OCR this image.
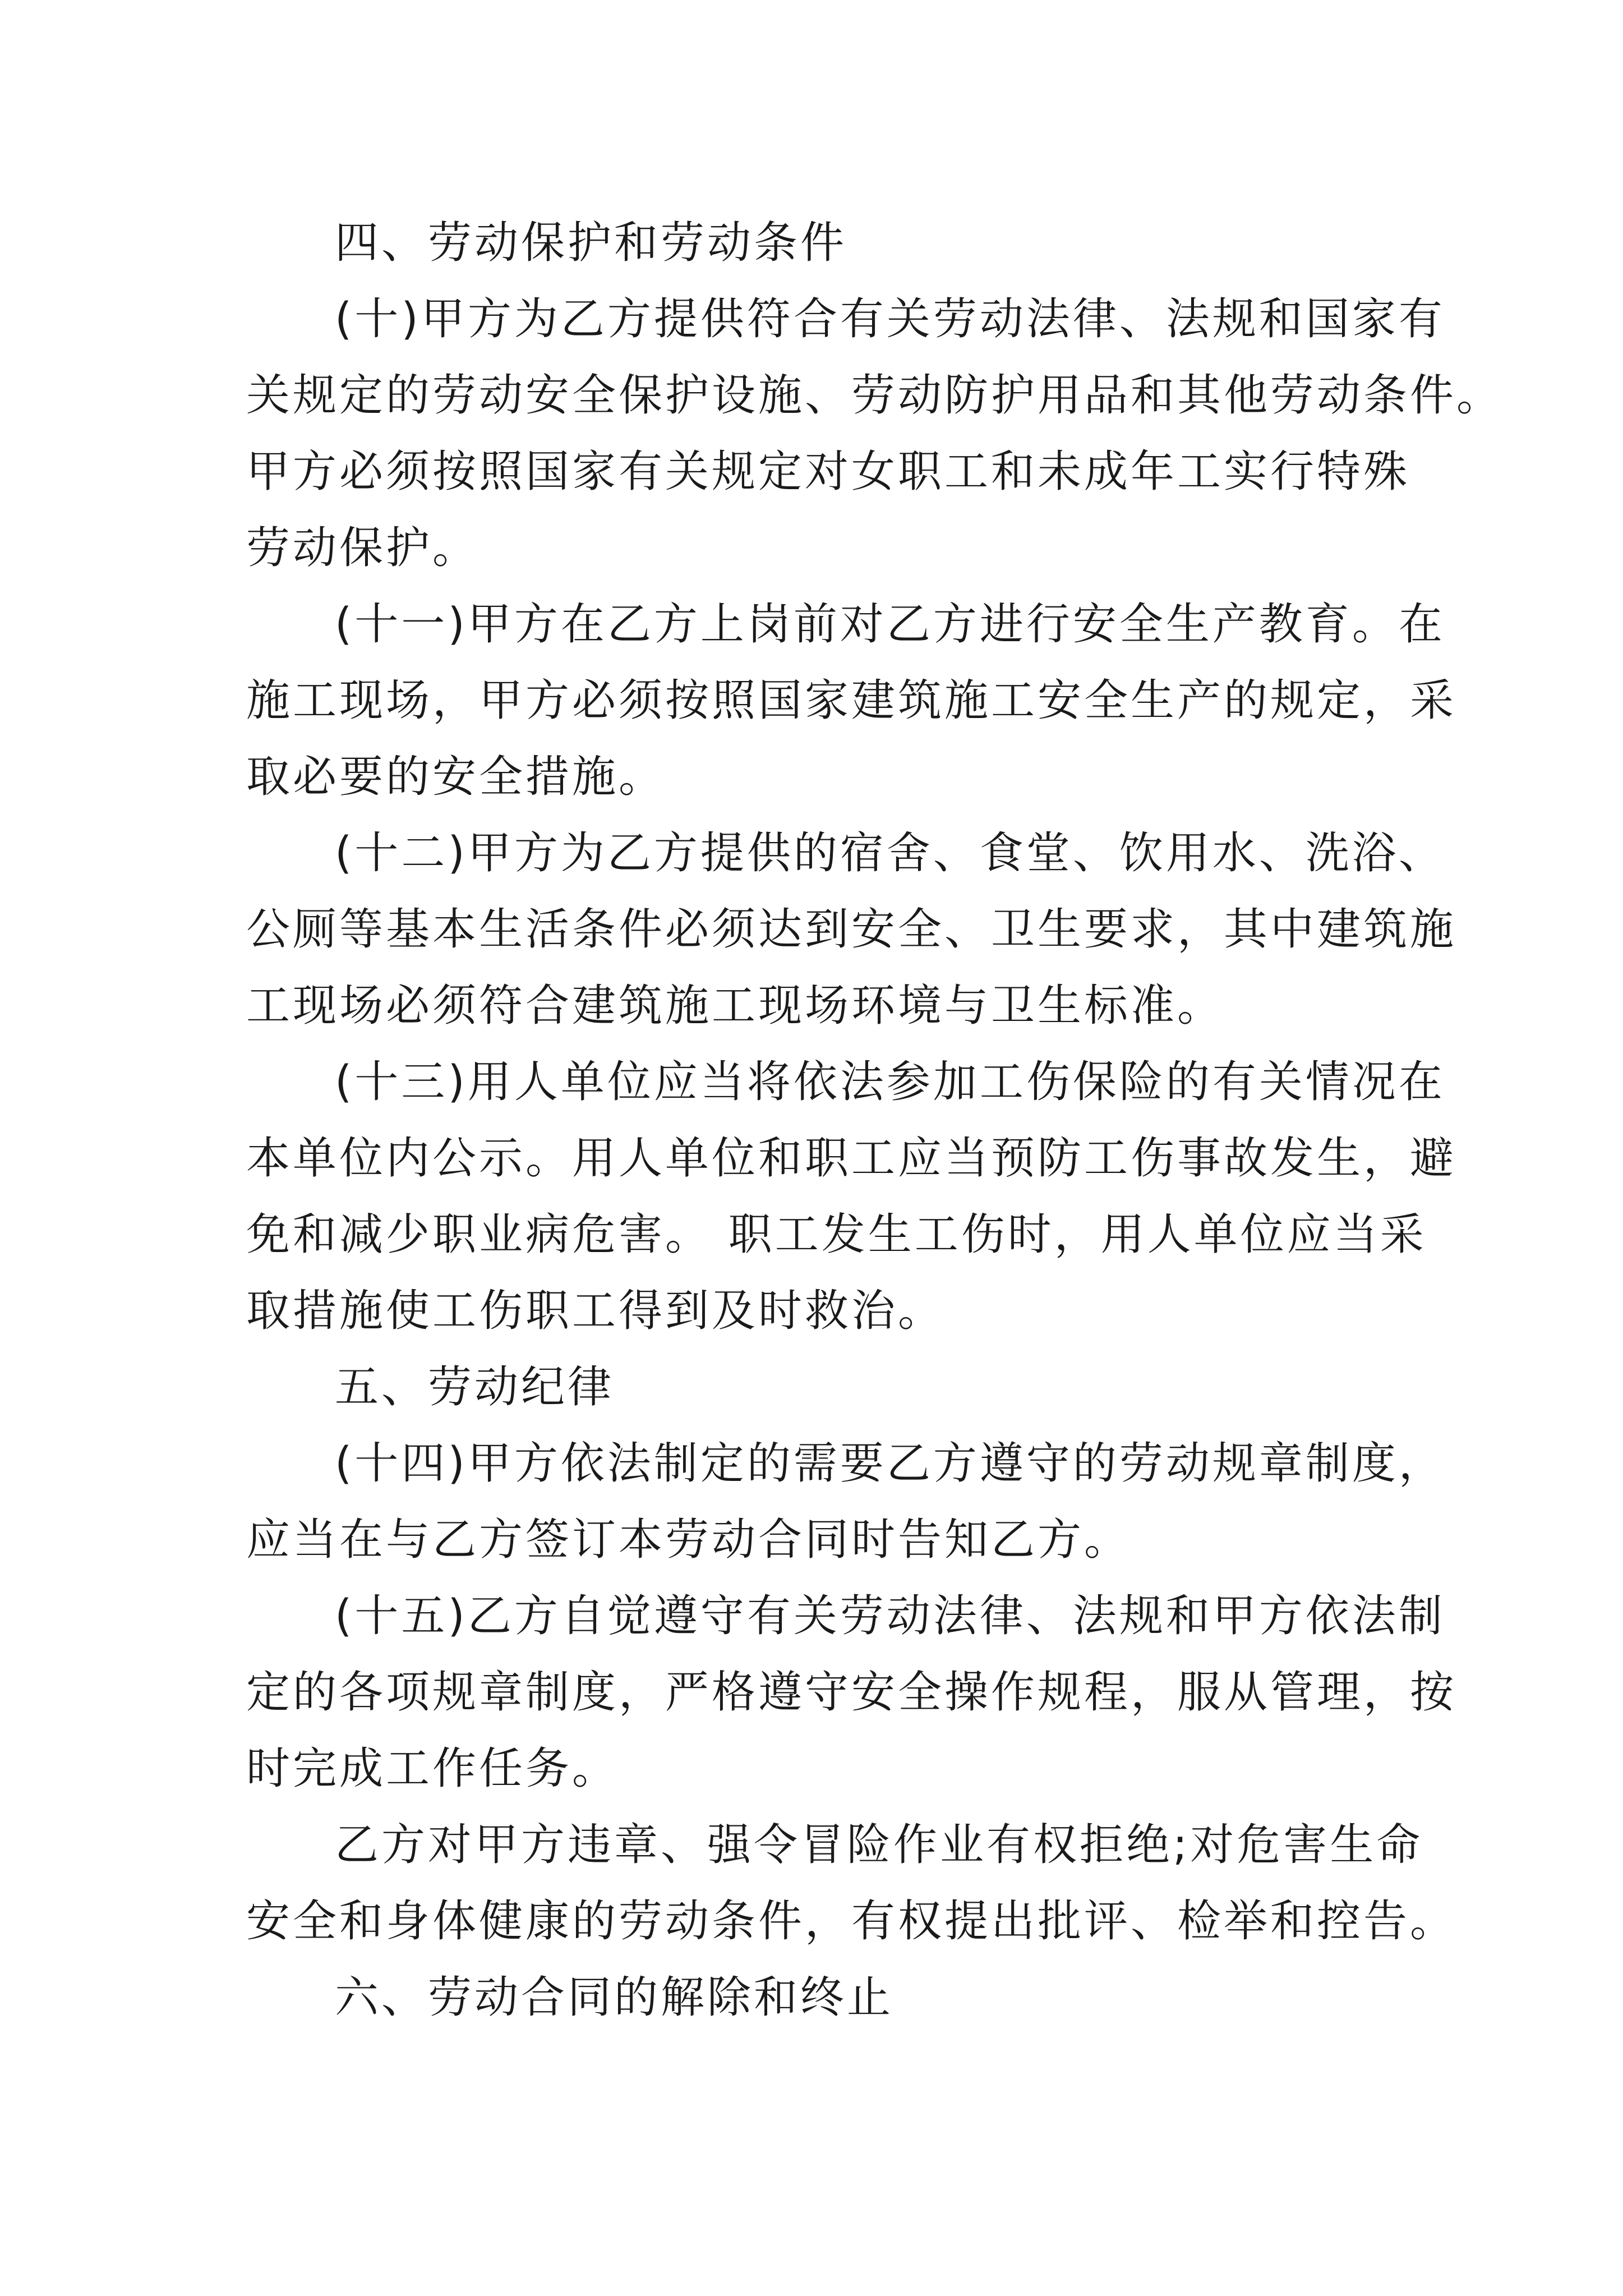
四、劳动保护和劳动条件
(十)甲方为乙方提供符合有关劳动法律、法规和国家有
关规定的劳动安全保护设施、劳动防护用品和其他劳动条件。
甲方必须按照国家有关规定对女职工和未成年工实行特殊
劳动保护。
(十一)甲方在乙方上岗前对乙方进行安全生产教育。在
施工现场，甲方必须按照国家建筑施工安全生产的规定，采
取必要的安全措施。
(十二)甲方为乙方提供的宿舍、食堂、饮用水、洗浴、
公厕等基本生活条件必须达到安全、卫生要求，其中建筑施
工现场必须符合建筑施工现场环境与卫生标准。
(十三)用人单位应当将依法参加工伤保险的有关情况在
本单位内公示。用人单位和职工应当预防工伤事故发生，避
免和减少职业病危害。 职工发生工伤时，用人单位应当采
取措施使工伤职工得到及时救治。
五、劳动纪律
(十四)甲方依法制定的需要乙方遵守的劳动规章制度，
应当在与乙方签订本劳动合同时告知乙方。
(十五)乙方自觉遵守有关劳动法律、法规和甲方依法制
定的各项规章制度，严格遵守安全操作规程，服从管理，按
时完成工作任务。
乙方对甲方违章、强令冒险作业有权拒绝;对危害生命
安全和身体健康的劳动条件，有权提出批评、检举和控告。
六、劳动合同的解除和终止
